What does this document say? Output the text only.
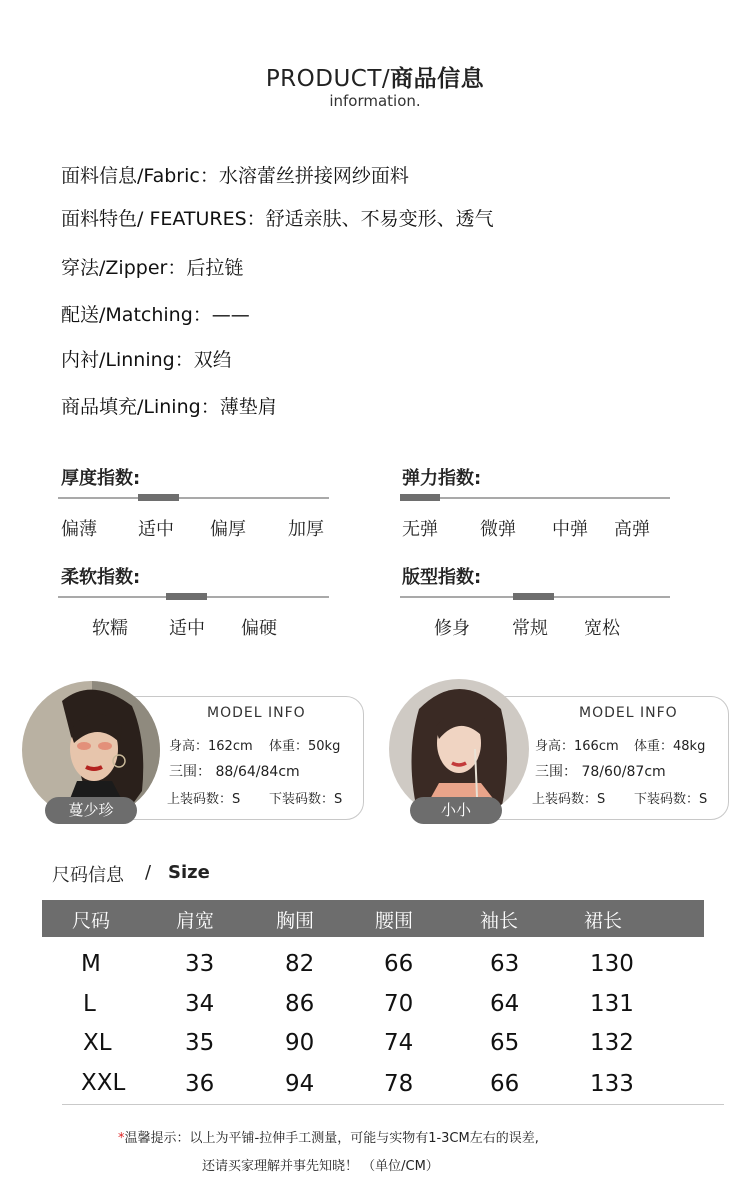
PRODUCT/商品信息
information.
面料信息/Fabric：水溶蕾丝拼接网纱面料
面料特色/ FEATURES：舒适亲肤、不易变形、透气
穿法/Zipper：后拉链
配送/Matching：——
内衬/Linning：双绉
商品填充/Lining：薄垫肩
厚度指数:
偏薄 适中 偏厚 加厚
弹力指数:
无弹 微弹 中弹 高弹
柔软指数:
软糯 适中 偏硬
版型指数:
修身 常规 宽松
蔓少珍
MODEL INFO
身高：162cm 体重：50kg
三围： 88/64/84cm
上装码数：S 下装码数：S
小小
MODEL INFO
身高：166cm 体重：48kg
三围： 78/60/87cm
上装码数：S 下装码数：S
尺码信息 / Size
尺码	肩宽	胸围	腰围	袖长	裙长
M	33	82	66	63	130
L	34	86	70	64	131
XL	35	90	74	65	132
XXL	36	94	78	66	133
*温馨提示：以上为平铺-拉伸手工测量，可能与实物有1-3CM左右的误差,
还请买家理解并事先知晓！ （单位/CM）
